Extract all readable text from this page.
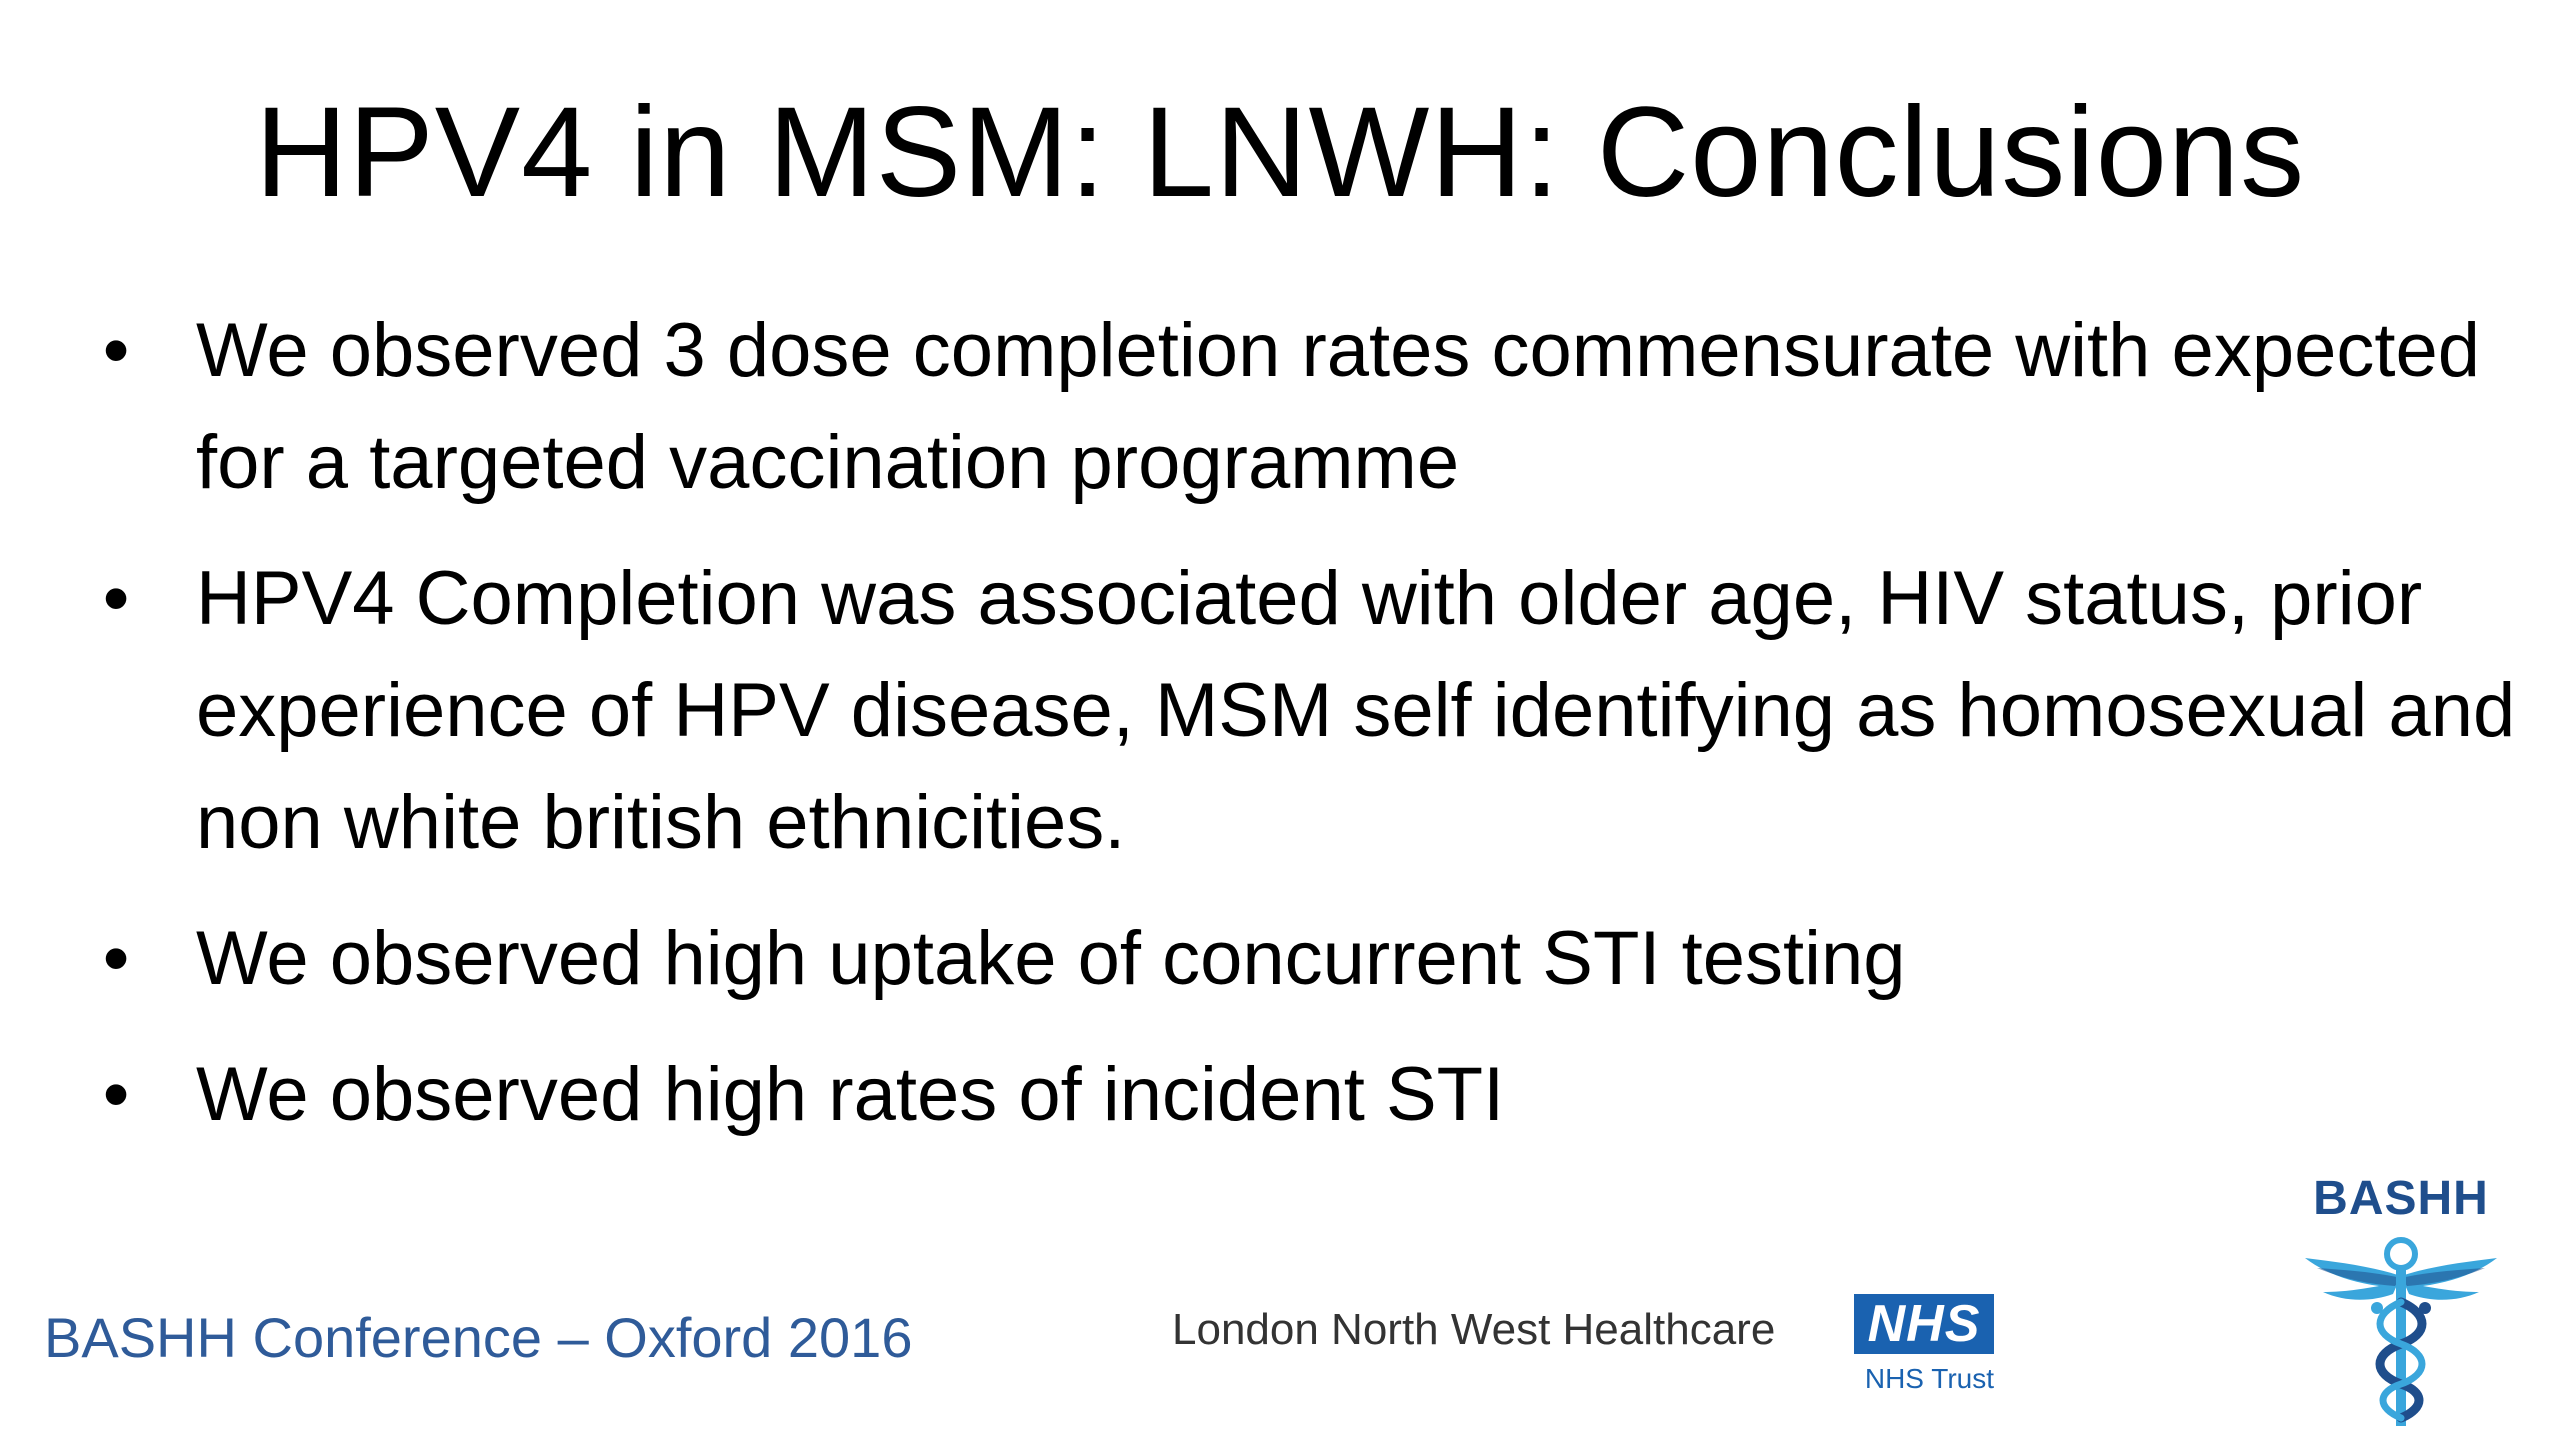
HPV4 in MSM: LNWH: Conclusions
• We observed 3 dose completion rates commensurate with expected for a targeted vaccination programme
• HPV4 Completion was associated with older age, HIV status, prior experience of HPV disease, MSM self identifying as homosexual and non white british ethnicities.
• We observed high uptake of concurrent STI testing
• We observed high rates of incident STI
BASHH Conference – Oxford 2016	London North West Healthcare NHS
NHS Trust
BASHH
